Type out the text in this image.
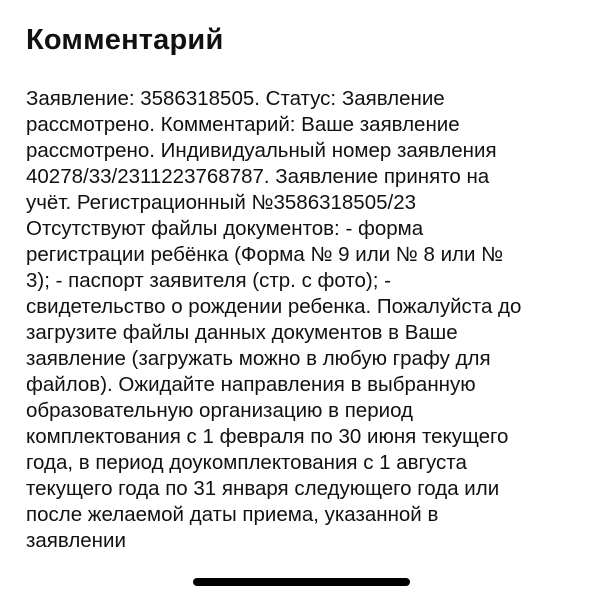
Комментарий
Заявление: 3586318505. Статус: Заявление
рассмотрено. Комментарий: Ваше заявление
рассмотрено. Индивидуальный номер заявления
40278/33/2311223768787. Заявление принято на
учёт. Регистрационный №3586318505/23
Отсутствуют файлы документов: - форма
регистрации ребёнка (Форма № 9 или № 8 или №
3); - паспорт заявителя (стр. с фото); -
свидетельство о рождении ребенка. Пожалуйста до
загрузите файлы данных документов в Ваше
заявление (загружать можно в любую графу для
файлов). Ожидайте направления в выбранную
образовательную организацию в период
комплектования с 1 февраля по 30 июня текущего
года, в период доукомплектования с 1 августа
текущего года по 31 января следующего года или
после желаемой даты приема, указанной в
заявлении
